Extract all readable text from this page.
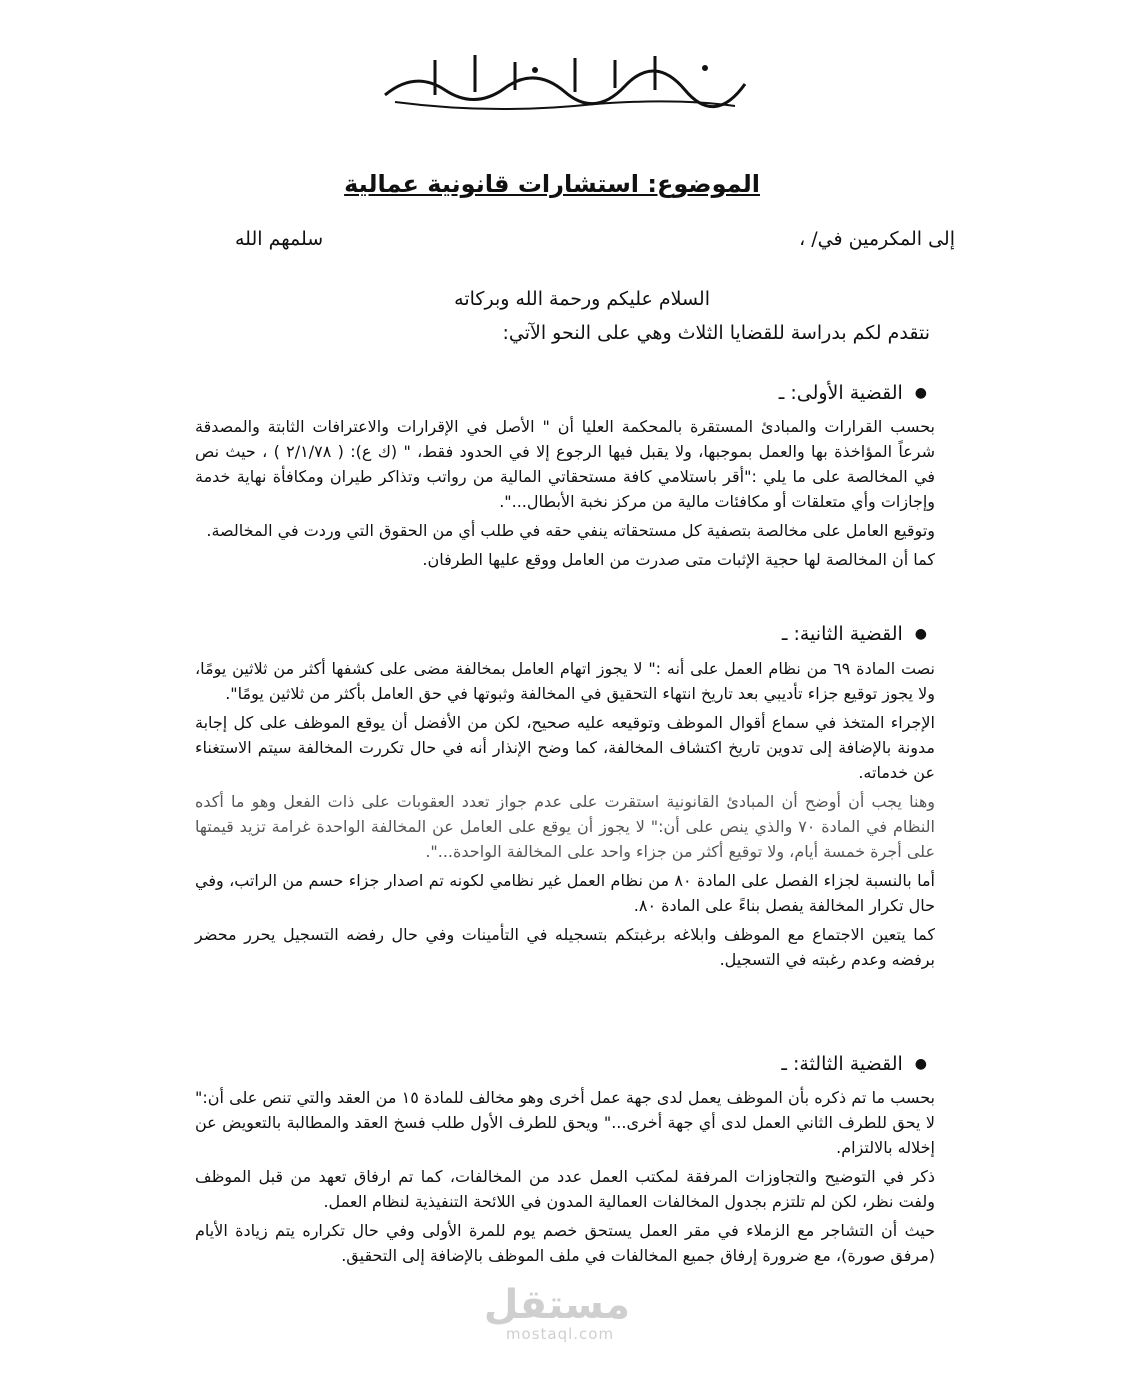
الموضوع: استشارات قانونية عمالية
إلى المكرمين في/ ،
سلمهم الله
السلام عليكم ورحمة الله وبركاته
نتقدم لكم بدراسة للقضايا الثلاث وهي على النحو الآتي:
●
القضية الأولى: ـ

بحسب القرارات والمبادئ المستقرة بالمحكمة العليا أن " الأصل في الإقرارات والاعترافات الثابتة والمصدقة شرعاً المؤاخذة بها والعمل بموجبها، ولا يقبل فيها الرجوع إلا في الحدود فقط، " (ك ع): ( ٢/١/٧٨ ) ، حيث نص في المخالصة على ما يلي :"أقر باستلامي كافة مستحقاتي المالية من رواتب وتذاكر طيران ومكافأة نهاية خدمة وإجازات وأي متعلقات أو مكافئات مالية من مركز نخبة الأبطال...".

وتوقيع العامل على مخالصة بتصفية كل مستحقاته ينفي حقه في طلب أي من الحقوق التي وردت في المخالصة.

كما أن المخالصة لها حجية الإثبات متى صدرت من العامل ووقع عليها الطرفان.

●
القضية الثانية: ـ

نصت المادة ٦٩ من نظام العمل على أنه :" لا يجوز اتهام العامل بمخالفة مضى على كشفها أكثر من ثلاثين يومًا، ولا يجوز توقيع جزاء تأديبي بعد تاريخ انتهاء التحقيق في المخالفة وثبوتها في حق العامل بأكثر من ثلاثين يومًا".

الإجراء المتخذ في سماع أقوال الموظف وتوقيعه عليه صحيح، لكن من الأفضل أن يوقع الموظف على كل إجابة مدونة بالإضافة إلى تدوين تاريخ اكتشاف المخالفة، كما وضح الإنذار أنه في حال تكررت المخالفة سيتم الاستغناء عن خدماته.

وهنا يجب أن أوضح أن المبادئ القانونية استقرت على عدم جواز تعدد العقوبات على ذات الفعل وهو ما أكده النظام في المادة ٧٠ والذي ينص على أن:" لا يجوز أن يوقع على العامل عن المخالفة الواحدة غرامة تزيد قيمتها على أجرة خمسة أيام، ولا توقيع أكثر من جزاء واحد على المخالفة الواحدة...".

أما بالنسبة لجزاء الفصل على المادة ٨٠ من نظام العمل غير نظامي لكونه تم اصدار جزاء حسم من الراتب، وفي حال تكرار المخالفة يفصل بناءً على المادة ٨٠.

كما يتعين الاجتماع مع الموظف وابلاغه برغبتكم بتسجيله في التأمينات وفي حال رفضه التسجيل يحرر محضر برفضه وعدم رغبته في التسجيل.

●
القضية الثالثة: ـ

بحسب ما تم ذكره بأن الموظف يعمل لدى جهة عمل أخرى وهو مخالف للمادة ١٥ من العقد والتي تنص على أن:" لا يحق للطرف الثاني العمل لدى أي جهة أخرى..." ويحق للطرف الأول طلب فسخ العقد والمطالبة بالتعويض عن إخلاله بالالتزام.

ذكر في التوضيح والتجاوزات المرفقة لمكتب العمل عدد من المخالفات، كما تم ارفاق تعهد من قبل الموظف ولفت نظر، لكن لم تلتزم بجدول المخالفات العمالية المدون في اللائحة التنفيذية لنظام العمل.

حيث أن التشاجر مع الزملاء في مقر العمل يستحق خصم يوم للمرة الأولى وفي حال تكراره يتم زيادة الأيام (مرفق صورة)، مع ضرورة إرفاق جميع المخالفات في ملف الموظف بالإضافة إلى التحقيق.

مستقل
mostaql.com
